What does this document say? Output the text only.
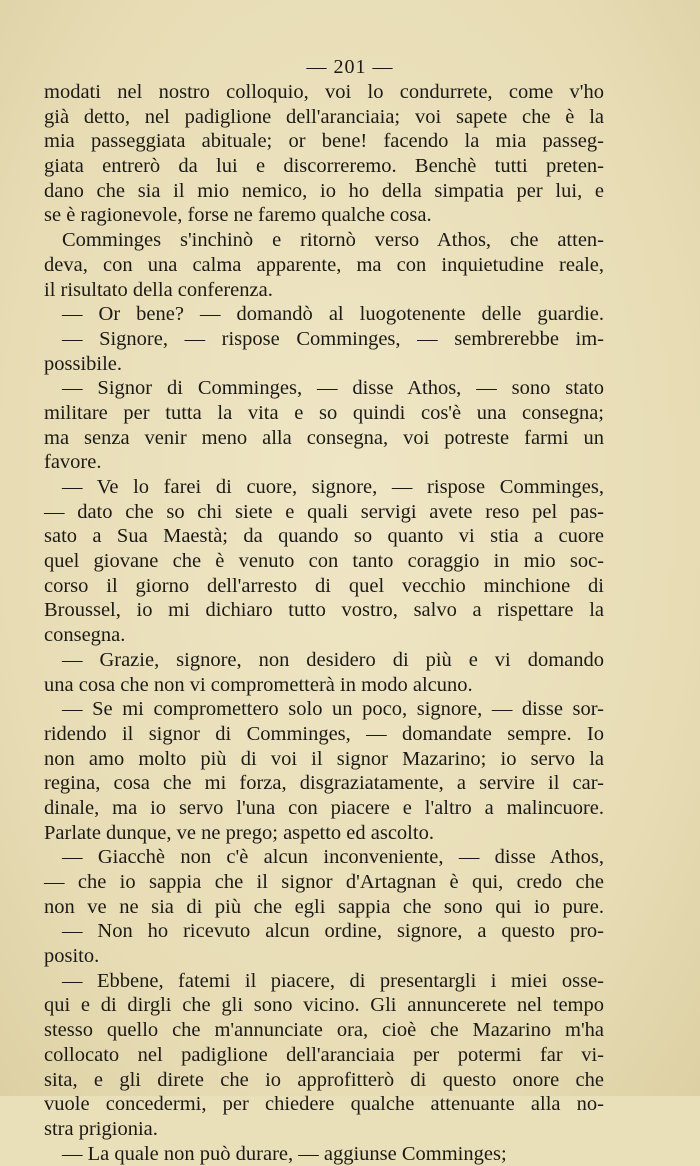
— 201 —
modati nel nostro colloquio, voi lo condurrete, come v'ho
già detto, nel padiglione dell'aranciaia; voi sapete che è la
mia passeggiata abituale; or bene! facendo la mia passeg-
giata entrerò da lui e discorreremo. Benchè tutti preten-
dano che sia il mio nemico, io ho della simpatia per lui, e
se è ragionevole, forse ne faremo qualche cosa.
Comminges s'inchinò e ritornò verso Athos, che atten-
deva, con una calma apparente, ma con inquietudine reale,
il risultato della conferenza.
— Or bene? — domandò al luogotenente delle guardie.
— Signore, — rispose Comminges, — sembrerebbe im-
possibile.
— Signor di Comminges, — disse Athos, — sono stato
militare per tutta la vita e so quindi cos'è una consegna;
ma senza venir meno alla consegna, voi potreste farmi un
favore.
— Ve lo farei di cuore, signore, — rispose Comminges,
— dato che so chi siete e quali servigi avete reso pel pas-
sato a Sua Maestà; da quando so quanto vi stia a cuore
quel giovane che è venuto con tanto coraggio in mio soc-
corso il giorno dell'arresto di quel vecchio minchione di
Broussel, io mi dichiaro tutto vostro, salvo a rispettare la
consegna.
— Grazie, signore, non desidero di più e vi domando
una cosa che non vi comprometterà in modo alcuno.
— Se mi compromettero solo un poco, signore, — disse sor-
ridendo il signor di Comminges, — domandate sempre. Io
non amo molto più di voi il signor Mazarino; io servo la
regina, cosa che mi forza, disgraziatamente, a servire il car-
dinale, ma io servo l'una con piacere e l'altro a malincuore.
Parlate dunque, ve ne prego; aspetto ed ascolto.
— Giacchè non c'è alcun inconveniente, — disse Athos,
— che io sappia che il signor d'Artagnan è qui, credo che
non ve ne sia di più che egli sappia che sono qui io pure.
— Non ho ricevuto alcun ordine, signore, a questo pro-
posito.
— Ebbene, fatemi il piacere, di presentargli i miei osse-
qui e di dirgli che gli sono vicino. Gli annuncerete nel tempo
stesso quello che m'annunciate ora, cioè che Mazarino m'ha
collocato nel padiglione dell'aranciaia per potermi far vi-
sita, e gli direte che io approfitterò di questo onore che
vuole concedermi, per chiedere qualche attenuante alla no-
stra prigionia.
— La quale non può durare, — aggiunse Comminges;
